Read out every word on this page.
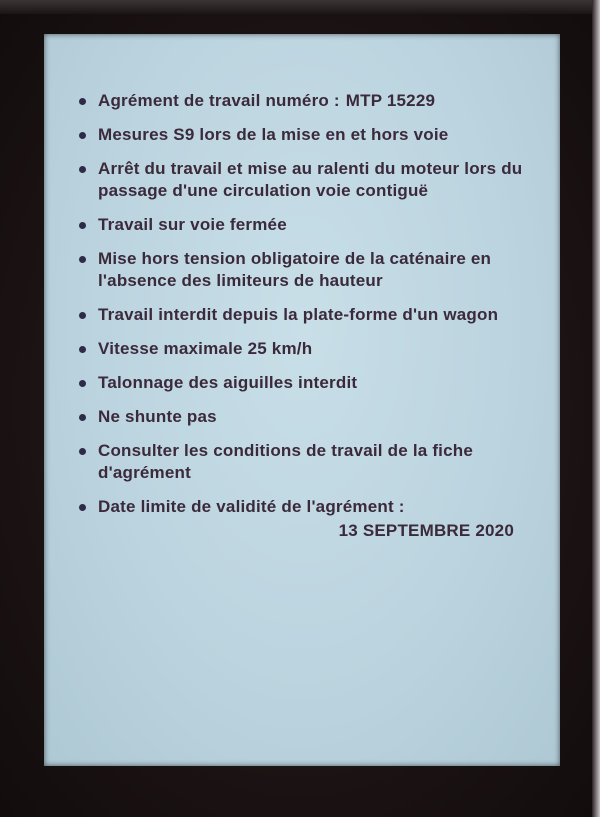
Agrément de travail numéro : MTP 15229
Mesures S9 lors de la mise en et hors voie
Arrêt du travail et mise au ralenti du moteur lors du passage d'une circulation voie contiguë
Travail sur voie fermée
Mise hors tension obligatoire de la caténaire en l'absence des limiteurs de hauteur
Travail interdit depuis la plate-forme d'un wagon
Vitesse maximale 25 km/h
Talonnage des aiguilles interdit
Ne shunte pas
Consulter les conditions de travail de la fiche d'agrément
Date limite de validité de l'agrément :
13 SEPTEMBRE 2020
